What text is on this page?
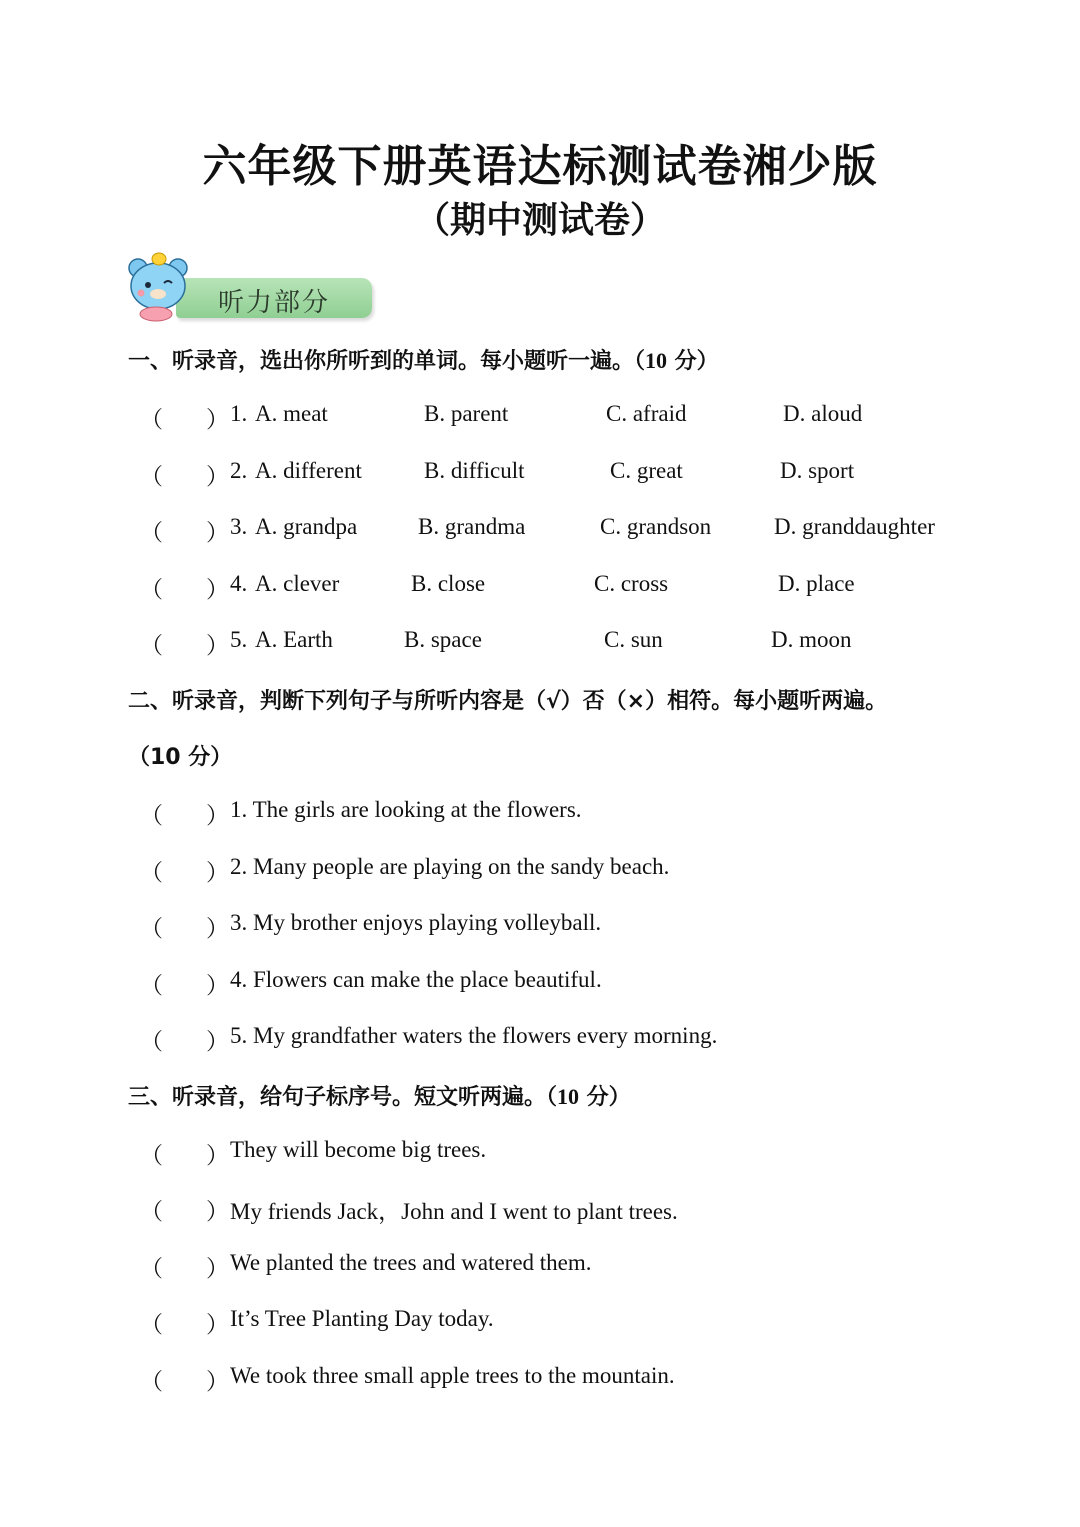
六年级下册英语达标测试卷湘少版
（期中测试卷）
听力部分
一、听录音，选出你所听到的单词。每小题听一遍。（10 分）
（ ） 1. A. meat	B. parent	C. afraid	D. aloud
（ ） 2. A. different	B. difficult	C. great	D. sport
（ ） 3. A. grandpa	B. grandma	C. grandson	D. granddaughter
（ ） 4. A. clever	B. close	C. cross	D. place
（ ） 5. A. Earth	B. space	C. sun	D. moon
二、听录音，判断下列句子与所听内容是（√）否（×）相符。每小题听两遍。
（10 分）
（ ） 1. The girls are looking at the flowers.
（ ） 2. Many people are playing on the sandy beach.
（ ） 3. My brother enjoys playing volleyball.
（ ） 4. Flowers can make the place beautiful.
（ ） 5. My grandfather waters the flowers every morning.
三、听录音，给句子标序号。短文听两遍。（10 分）
（ ） They will become big trees.
（ ） My friends Jack，John and I went to plant trees.
（ ） We planted the trees and watered them.
（ ） It’s Tree Planting Day today.
（ ） We took three small apple trees to the mountain.
